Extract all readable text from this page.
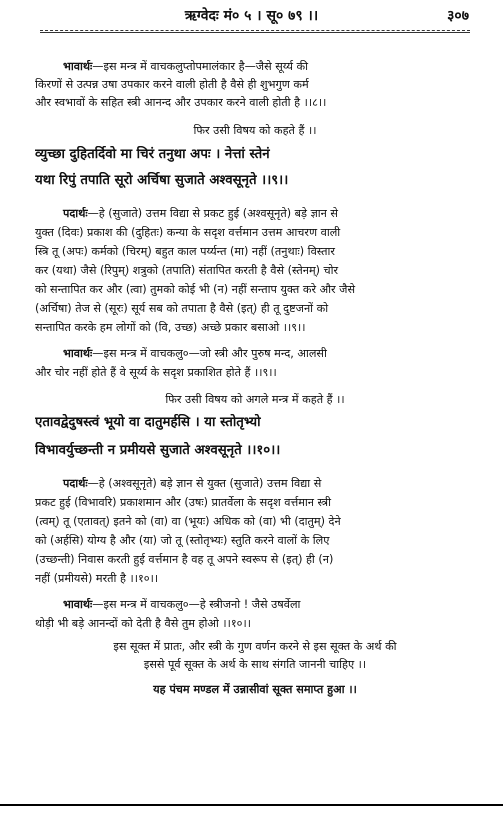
ऋग्वेदः मं० ५ । सू० ७९ ।।	३०७
भावार्थः—इस मन्त्र में वाचकलुप्तोपमालंकार है—जैसे सूर्य्य की
किरणों से उत्पन्न उषा उपकार करने वाली होती है वैसे ही शुभगुण कर्म
और स्वभावों के सहित स्त्री आनन्द और उपकार करने वाली होती है ।।८।।
फिर उसी विषय को कहते हैं ।।
व्युच्छा दुहितर्दिवो मा चिरं तनुथा अपः । नेत्तां स्तेनं
यथा रिपुं तपाति सूरो अर्चिषा सुजाते अश्वसूनृते ।।९।।
पदार्थः—हे (सुजाते) उत्तम विद्या से प्रकट हुई (अश्वसूनृते) बड़े ज्ञान से
युक्त (दिवः) प्रकाश की (दुहितः) कन्या के सदृश वर्त्तमान उत्तम आचरण वाली
स्त्रि तू (अपः) कर्मको (चिरम्) बहुत काल पर्य्यन्त (मा) नहीं (तनुथाः) विस्तार
कर (यथा) जैसे (रिपुम्) शत्रुको (तपाति) संतापित करती है वैसे (स्तेनम्) चोर
को सन्तापित कर और (त्वा) तुमको कोई भी (न) नहीं सन्ताप युक्त करे और जैसे
(अर्चिषा) तेज से (सूरः) सूर्य सब को तपाता है वैसे (इत्) ही तू दुष्टजनों को
सन्तापित करके हम लोगों को (वि, उच्छ) अच्छे प्रकार बसाओ ।।९।।
भावार्थः—इस मन्त्र में वाचकलु०—जो स्त्री और पुरुष मन्द, आलसी
और चोर नहीं होते हैं वे सूर्य्य के सदृश प्रकाशित होते हैं ।।९।।
फिर उसी विषय को अगले मन्त्र में कहते हैं ।।
एतावद्वेदुषस्त्वं भूयो वा दातुमर्हसि । या स्तोतृभ्यो
विभावर्युच्छन्ती न प्रमीयसे सुजाते अश्वसूनृते ।।१०।।
पदार्थः—हे (अश्वसूनृते) बड़े ज्ञान से युक्त (सुजाते) उत्तम विद्या से
प्रकट हुई (विभावरि) प्रकाशमान और (उषः) प्रातर्वेला के सदृश वर्त्तमान स्त्री
(त्वम्) तू (एतावत्) इतने को (वा) वा (भूयः) अधिक को (वा) भी (दातुम्) देने
को (अर्हसि) योग्य है और (या) जो तू (स्तोतृभ्यः) स्तुति करने वालों के लिए
(उच्छन्ती) निवास करती हुई वर्त्तमान है वह तू अपने स्वरूप से (इत्) ही (न)
नहीं (प्रमीयसे) मरती है ।।१०।।
भावार्थः—इस मन्त्र में वाचकलु०—हे स्त्रीजनो ! जैसे उषर्वेला
थोड़ी भी बड़े आनन्दों को देती है वैसे तुम होओ ।।१०।।
इस सूक्त में प्रातः, और स्त्री के गुण वर्णन करने से इस सूक्त के अर्थ की
इससे पूर्व सूक्त के अर्थ के साथ संगति जाननी चाहिए ।।
यह पंचम मण्डल में उन्नासीवां सूक्त समाप्त हुआ ।।
